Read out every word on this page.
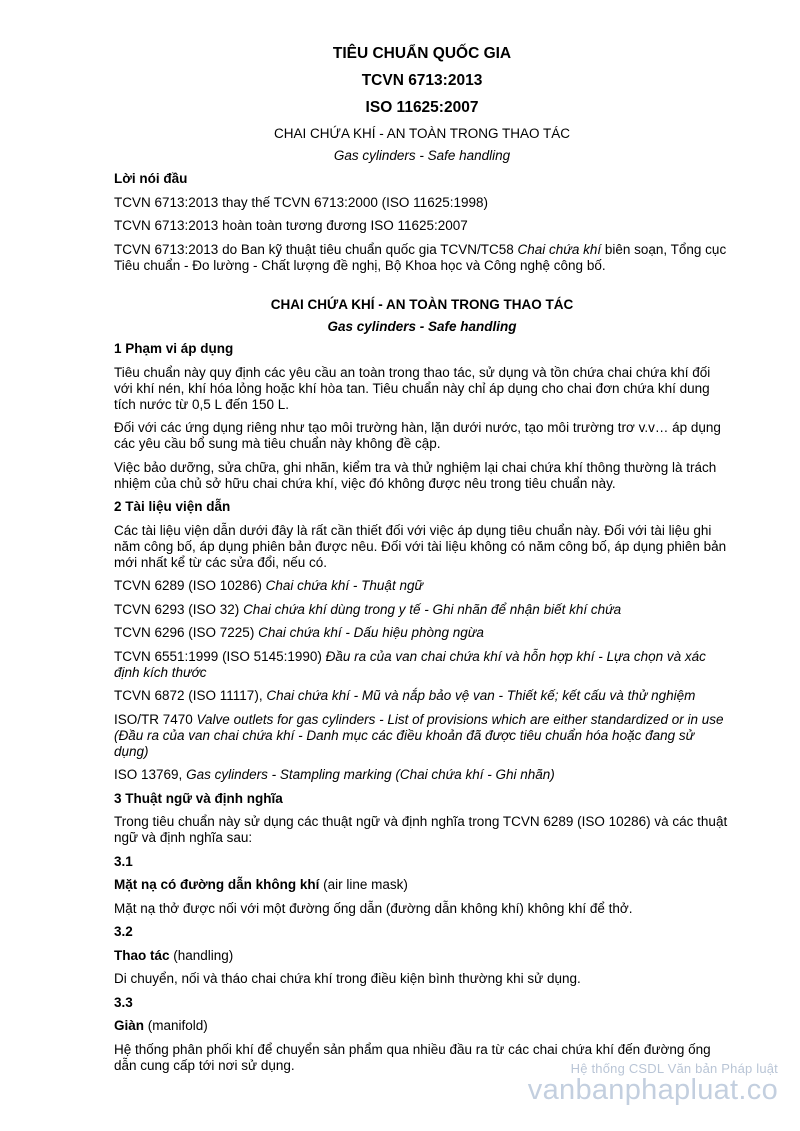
TIÊU CHUẨN QUỐC GIA
TCVN 6713:2013
ISO 11625:2007
CHAI CHỨA KHÍ - AN TOÀN TRONG THAO TÁC
Gas cylinders - Safe handling

Lời nói đầu

TCVN 6713:2013 thay thế TCVN 6713:2000 (ISO 11625:1998)

TCVN 6713:2013 hoàn toàn tương đương ISO 11625:2007

TCVN 6713:2013 do Ban kỹ thuật tiêu chuẩn quốc gia TCVN/TC58 Chai chứa khí biên soạn, Tổng cục Tiêu chuẩn - Đo lường - Chất lượng đề nghị, Bộ Khoa học và Công nghệ công bố.

CHAI CHỨA KHÍ - AN TOÀN TRONG THAO TÁC

Gas cylinders - Safe handling

1 Phạm vi áp dụng

Tiêu chuẩn này quy định các yêu cầu an toàn trong thao tác, sử dụng và tồn chứa chai chứa khí đối với khí nén, khí hóa lỏng hoặc khí hòa tan. Tiêu chuẩn này chỉ áp dụng cho chai đơn chứa khí dung tích nước từ 0,5 L đến 150 L.

Đối với các ứng dụng riêng như tạo môi trường hàn, lặn dưới nước, tạo môi trường trơ v.v… áp dụng các yêu cầu bổ sung mà tiêu chuẩn này không đề cập.

Việc bảo dưỡng, sửa chữa, ghi nhãn, kiểm tra và thử nghiệm lại chai chứa khí thông thường là trách nhiệm của chủ sở hữu chai chứa khí, việc đó không được nêu trong tiêu chuẩn này.

2 Tài liệu viện dẫn

Các tài liệu viện dẫn dưới đây là rất cần thiết đối với việc áp dụng tiêu chuẩn này. Đối với tài liệu ghi năm công bố, áp dụng phiên bản được nêu. Đối với tài liệu không có năm công bố, áp dụng phiên bản mới nhất kể từ các sửa đổi, nếu có.

TCVN 6289 (ISO 10286) Chai chứa khí - Thuật ngữ

TCVN 6293 (ISO 32) Chai chứa khí dùng trong y tế - Ghi nhãn để nhận biết khí chứa

TCVN 6296 (ISO 7225) Chai chứa khí - Dấu hiệu phòng ngừa

TCVN 6551:1999 (ISO 5145:1990) Đầu ra của van chai chứa khí và hỗn hợp khí - Lựa chọn và xác định kích thước

TCVN 6872 (ISO 11117), Chai chứa khí - Mũ và nắp bảo vệ van - Thiết kế; kết cấu và thử nghiệm

ISO/TR 7470 Valve outlets for gas cylinders - List of provisions which are either standardized or in use (Đầu ra của van chai chứa khí - Danh mục các điều khoản đã được tiêu chuẩn hóa hoặc đang sử dụng)

ISO 13769, Gas cylinders - Stampling marking (Chai chứa khí - Ghi nhãn)

3 Thuật ngữ và định nghĩa

Trong tiêu chuẩn này sử dụng các thuật ngữ và định nghĩa trong TCVN 6289 (ISO 10286) và các thuật ngữ và định nghĩa sau:

3.1

Mặt nạ có đường dẫn không khí (air line mask)

Mặt nạ thở được nối với một đường ống dẫn (đường dẫn không khí) không khí để thở.

3.2

Thao tác (handling)

Di chuyển, nối và tháo chai chứa khí trong điều kiện bình thường khi sử dụng.

3.3

Giàn (manifold)

Hệ thống phân phối khí để chuyển sản phẩm qua nhiều đầu ra từ các chai chứa khí đến đường ống dẫn cung cấp tới nơi sử dụng.	Hệ thống CSDL Văn bản Pháp luật
vanbanphapluat.co
